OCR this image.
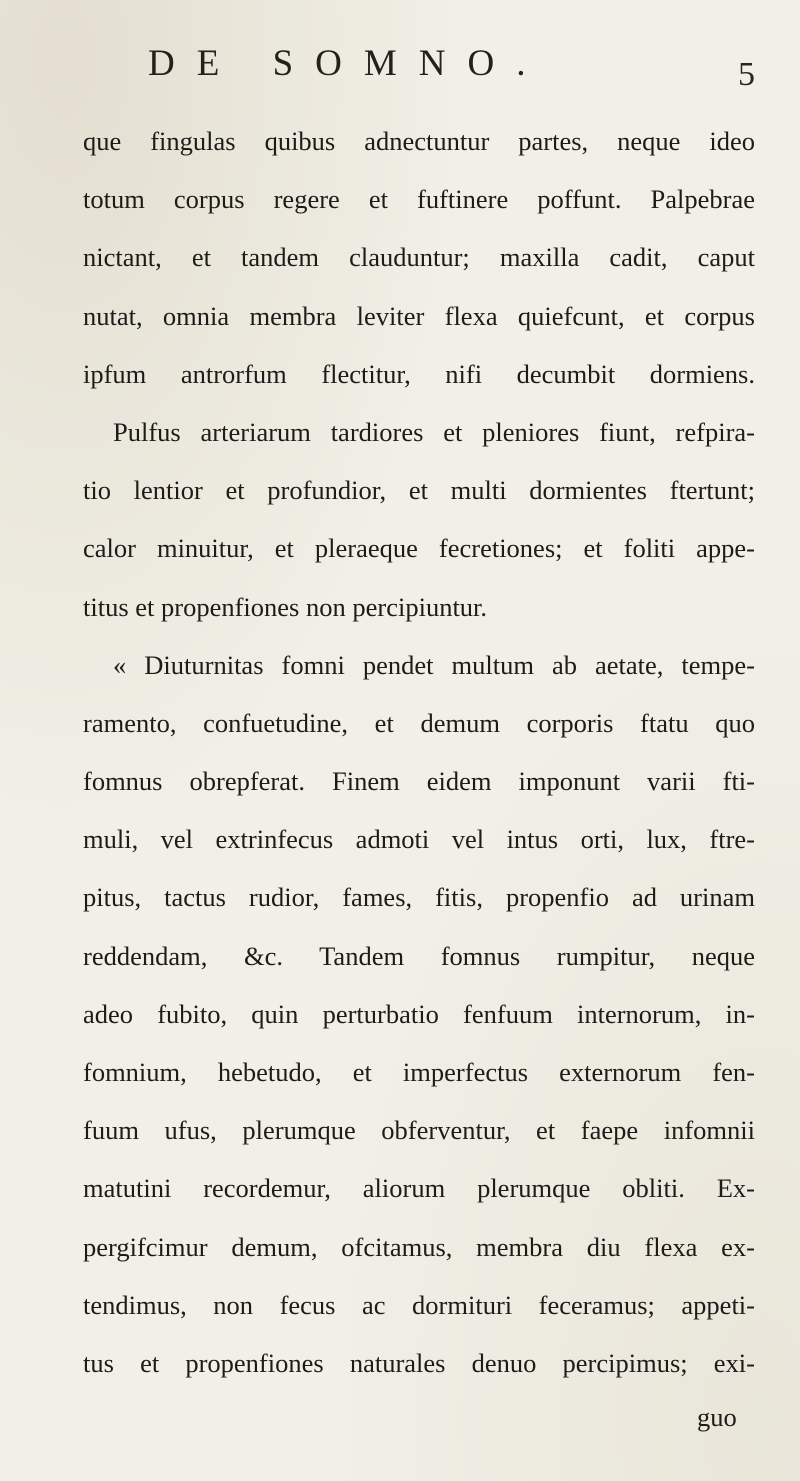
DE SOMNO.	5
que fingulas quibus adnectuntur partes, neque ideo
totum corpus regere et fuftinere poffunt. Palpebrae
nictant, et tandem clauduntur; maxilla cadit, caput
nutat, omnia membra leviter flexa quiefcunt, et corpus
ipfum antrorfum flectitur, nifi decumbit dormiens.
Pulfus arteriarum tardiores et pleniores fiunt, refpira-
tio lentior et profundior, et multi dormientes ftertunt;
calor minuitur, et pleraeque fecretiones; et foliti appe-
titus et propenfiones non percipiuntur.
« Diuturnitas fomni pendet multum ab aetate, tempe-
ramento, confuetudine, et demum corporis ftatu quo
fomnus obrepferat. Finem eidem imponunt varii fti-
muli, vel extrinfecus admoti vel intus orti, lux, ftre-
pitus, tactus rudior, fames, fitis, propenfio ad urinam
reddendam, &c. Tandem fomnus rumpitur, neque
adeo fubito, quin perturbatio fenfuum internorum, in-
fomnium, hebetudo, et imperfectus externorum fen-
fuum ufus, plerumque obferventur, et faepe infomnii
matutini recordemur, aliorum plerumque obliti. Ex-
pergifcimur demum, ofcitamus, membra diu flexa ex-
tendimus, non fecus ac dormituri feceramus; appeti-
tus et propenfiones naturales denuo percipimus; exi-
guo
